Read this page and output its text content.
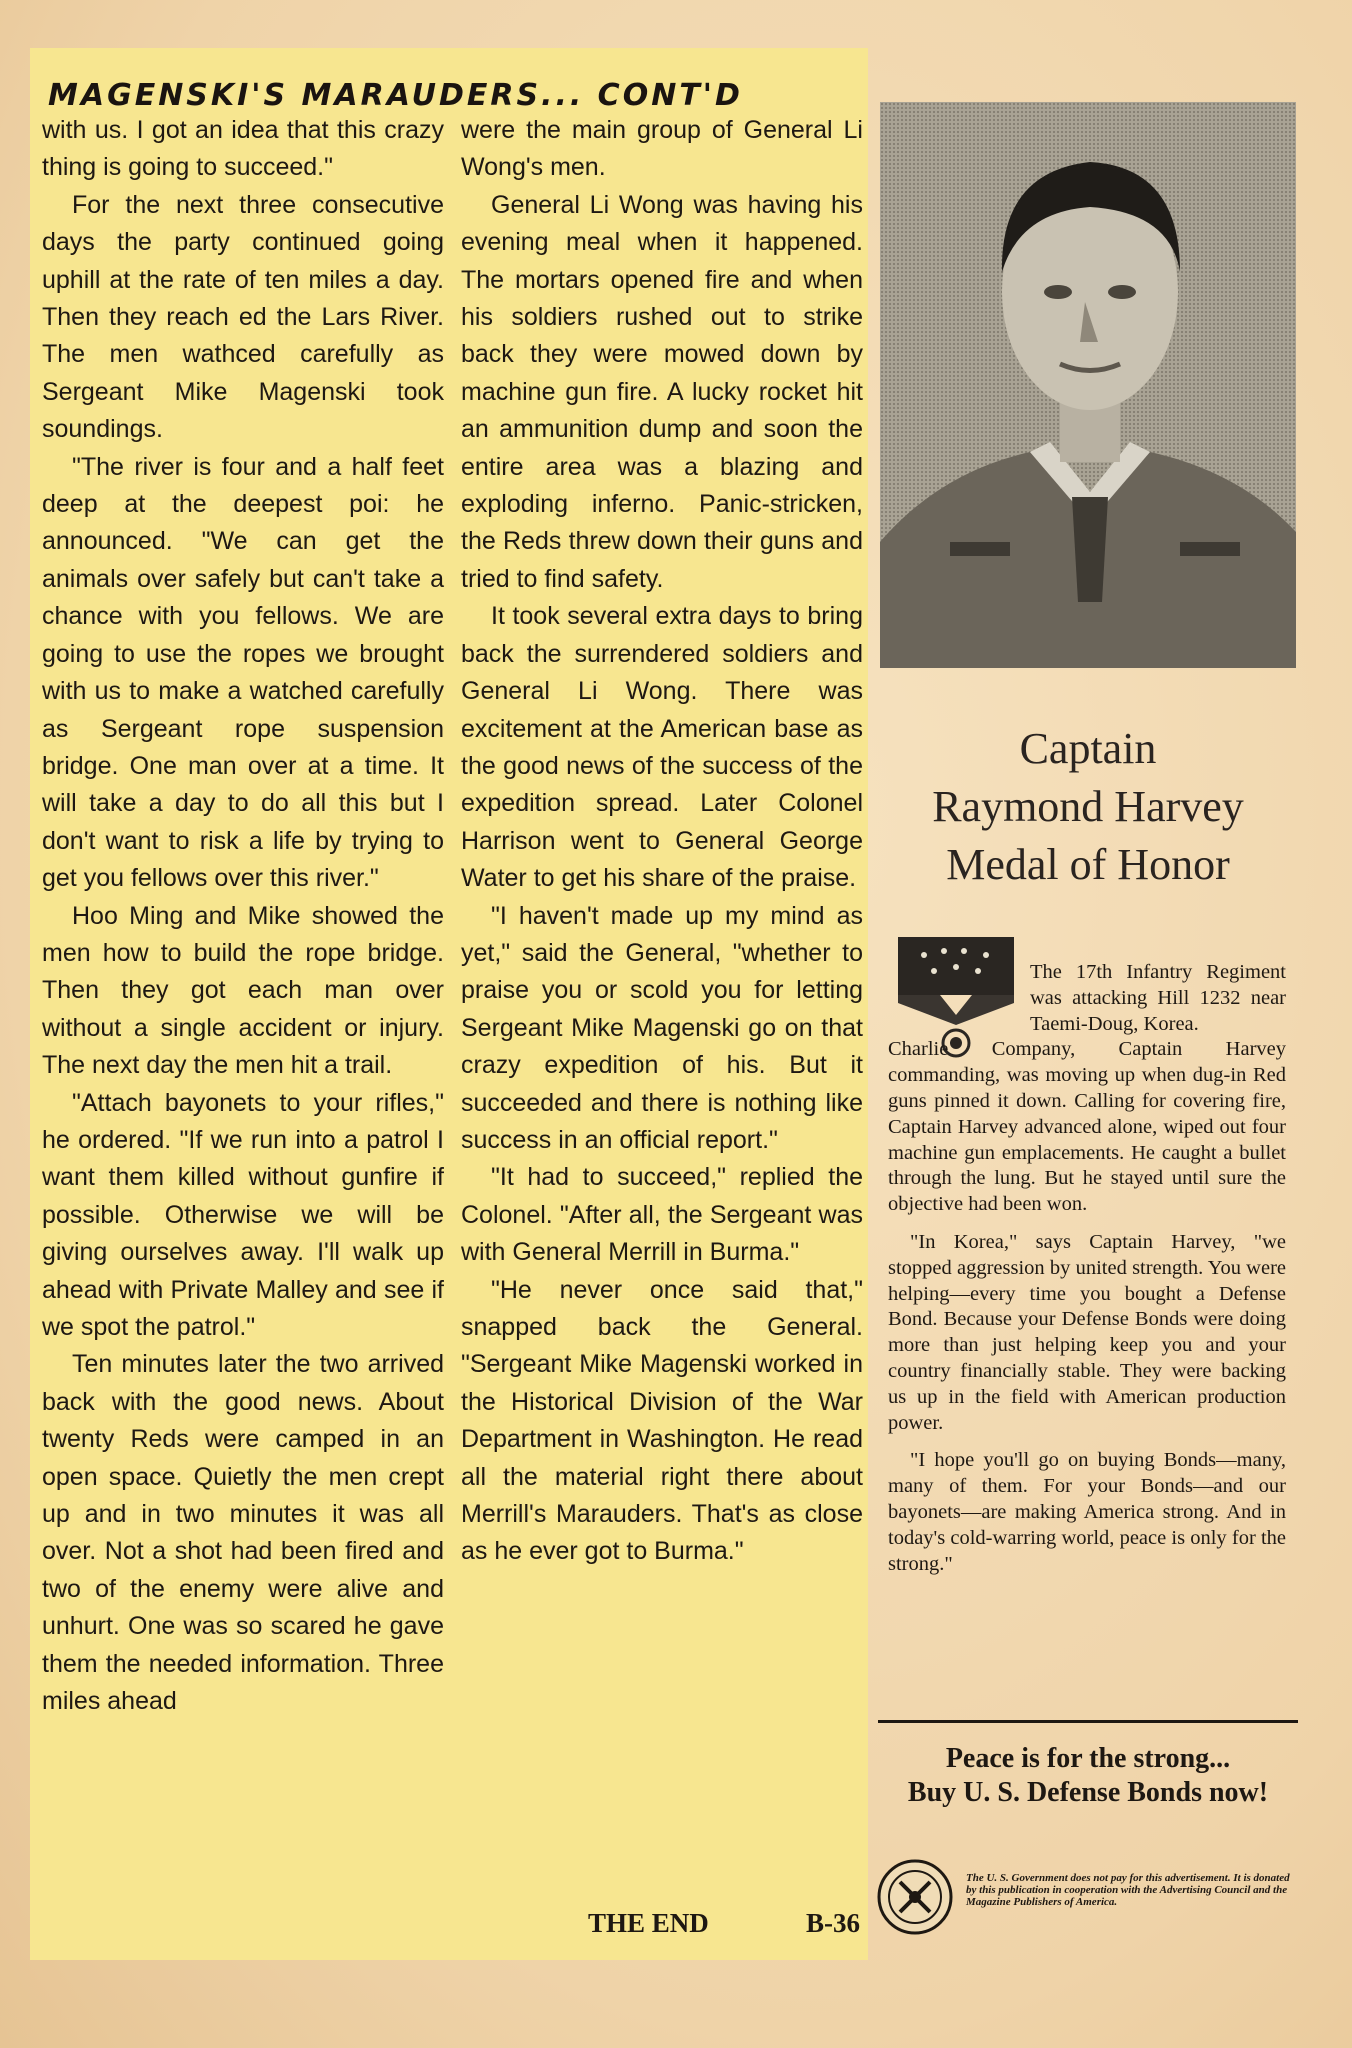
MAGENSKI'S MARAUDERS... CONT'D

with us. I got an idea that this crazy thing is going to succeed."

For the next three consecutive days the party continued going uphill at the rate of ten miles a day. Then they reach ed the Lars River. The men wathced carefully as Sergeant Mike Magenski took soundings.

"The river is four and a half feet deep at the deepest poi: he announced. "We can get the animals over safely but can't take a chance with you fellows. We are going to use the ropes we brought with us to make a watched carefully as Sergeant rope suspension bridge. One man over at a time. It will take a day to do all this but I don't want to risk a life by trying to get you fellows over this river."

Hoo Ming and Mike showed the men how to build the rope bridge. Then they got each man over without a single accident or injury. The next day the men hit a trail.

"Attach bayonets to your rifles," he ordered. "If we run into a patrol I want them killed without gunfire if possible. Otherwise we will be giving ourselves away. I'll walk up ahead with Private Malley and see if we spot the patrol."

Ten minutes later the two arrived back with the good news. About twenty Reds were camped in an open space. Quietly the men crept up and in two minutes it was all over. Not a shot had been fired and two of the enemy were alive and unhurt. One was so scared he gave them the needed information. Three miles ahead

were the main group of General Li Wong's men.

General Li Wong was having his evening meal when it happened. The mortars opened fire and when his soldiers rushed out to strike back they were mowed down by machine gun fire. A lucky rocket hit an ammunition dump and soon the entire area was a blazing and exploding inferno. Panic-stricken, the Reds threw down their guns and tried to find safety.

It took several extra days to bring back the surrendered soldiers and General Li Wong. There was excitement at the American base as the good news of the success of the expedition spread. Later Colonel Harrison went to General George Water to get his share of the praise.

"I haven't made up my mind as yet," said the General, "whether to praise you or scold you for letting Sergeant Mike Magenski go on that crazy expedition of his. But it succeeded and there is nothing like success in an official report."

"It had to succeed," replied the Colonel. "After all, the Sergeant was with General Merrill in Burma."

"He never once said that," snapped back the General. "Sergeant Mike Magenski worked in the Historical Division of the War Department in Washington. He read all the material right there about Merrill's Marauders. That's as close as he ever got to Burma."

THE END	B-36
Captain
Raymond Harvey
Medal of Honor

The 17th Infantry Regiment was attacking Hill 1232 near Taemi-Doug, Korea.
Charlie Company, Captain Harvey commanding, was moving up when dug-in Red guns pinned it down. Calling for covering fire, Captain Harvey advanced alone, wiped out four machine gun emplacements. He caught a bullet through the lung. But he stayed until sure the objective had been won.

"In Korea," says Captain Harvey, "we stopped aggression by united strength. You were helping—every time you bought a Defense Bond. Because your Defense Bonds were doing more than just helping keep you and your country financially stable. They were backing us up in the field with American production power.

"I hope you'll go on buying Bonds—many, many of them. For your Bonds—and our bayonets—are making America strong. And in today's cold-warring world, peace is only for the strong."

Peace is for the strong...
Buy U. S. Defense Bonds now!
The U. S. Government does not pay for this advertisement. It is donated by this publication in cooperation with the Advertising Council and the Magazine Publishers of America.
